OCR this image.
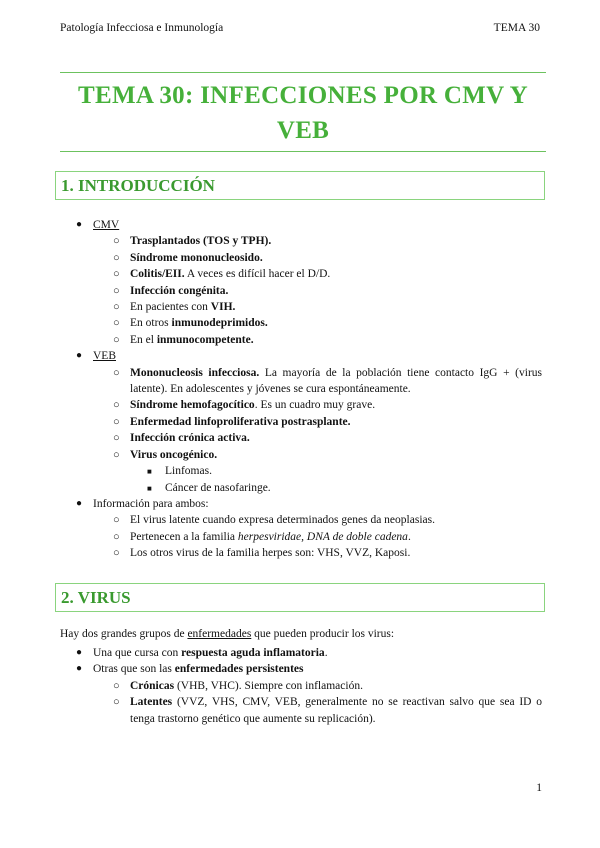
Patología Infecciosa e Inmunología	TEMA 30
TEMA 30: INFECCIONES POR CMV Y
VEB
1. INTRODUCCIÓN
● CMV
○ Trasplantados (TOS y TPH).
○ Síndrome mononucleosido.
○ Colitis/EII. A veces es difícil hacer el D/D.
○ Infección congénita.
○ En pacientes con VIH.
○ En otros inmunodeprimidos.
○ En el inmunocompetente.
● VEB
○ Mononucleosis infecciosa. La mayoría de la población tiene contacto IgG + (virus latente). En adolescentes y jóvenes se cura espontáneamente.
○ Síndrome hemofagocítico. Es un cuadro muy grave.
○ Enfermedad linfoproliferativa postrasplante.
○ Infección crónica activa.
○ Virus oncogénico.
■ Linfomas.
■ Cáncer de nasofaringe.
● Información para ambos:
○ El virus latente cuando expresa determinados genes da neoplasias.
○ Pertenecen a la familia herpesviridae, DNA de doble cadena.
○ Los otros virus de la familia herpes son: VHS, VVZ, Kaposi.
2. VIRUS
Hay dos grandes grupos de enfermedades que pueden producir los virus:
● Una que cursa con respuesta aguda inflamatoria.
● Otras que son las enfermedades persistentes
○ Crónicas (VHB, VHC). Siempre con inflamación.
○ Latentes (VVZ, VHS, CMV, VEB, generalmente no se reactivan salvo que sea ID o tenga trastorno genético que aumente su replicación).
1
